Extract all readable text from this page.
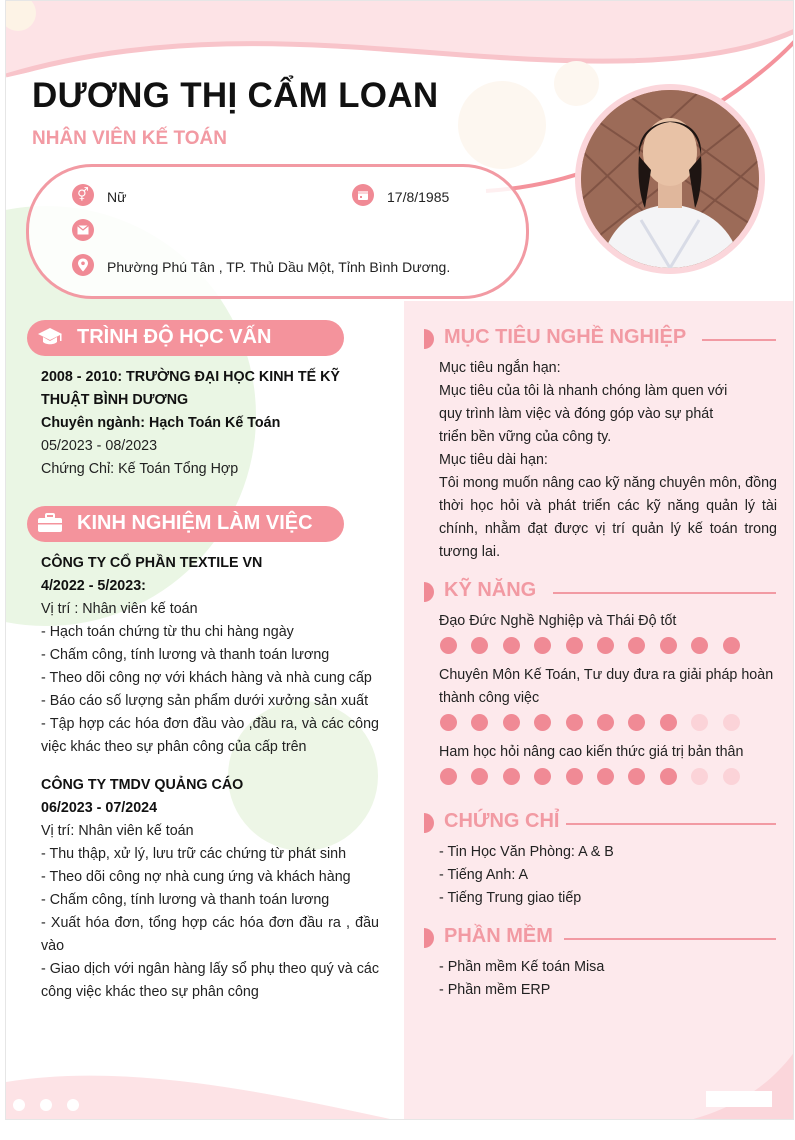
DƯƠNG THỊ CẨM LOAN
NHÂN VIÊN KẾ TOÁN
⚥	Nữ	17/8/1985
Phường Phú Tân , TP. Thủ Dầu Một, Tỉnh Bình Dương.
TRÌNH ĐỘ HỌC VẤN
2008 - 2010: TRƯỜNG ĐẠI HỌC KINH TẾ KỸ THUẬT BÌNH DƯƠNG
Chuyên ngành: Hạch Toán Kế Toán
05/2023 - 08/2023
Chứng Chỉ: Kế Toán Tổng Hợp
KINH NGHIỆM LÀM VIỆC
CÔNG TY CỔ PHẦN TEXTILE VN
4/2022 - 5/2023:
Vị trí : Nhân viên kế toán
- Hạch toán chứng từ thu chi hàng ngày
- Chấm công, tính lương và thanh toán lương
- Theo dõi công nợ với khách hàng và nhà cung cấp
- Báo cáo số lượng sản phẩm dưới xưởng sản xuất
- Tập hợp các hóa đơn đầu vào ,đầu ra, và các công việc khác theo sự phân công của cấp trên
CÔNG TY TMDV QUẢNG CÁO
06/2023 - 07/2024
Vị trí: Nhân viên kế toán
- Thu thập, xử lý, lưu trữ các chứng từ phát sinh
- Theo dõi công nợ nhà cung ứng và khách hàng
- Chấm công, tính lương và thanh toán lương
- Xuất hóa đơn, tổng hợp các hóa đơn đầu ra , đầu vào
- Giao dịch với ngân hàng lấy sổ phụ theo quý và các công việc khác theo sự phân công
MỤC TIÊU NGHỀ NGHIỆP
Mục tiêu ngắn hạn:
Mục tiêu của tôi là nhanh chóng làm quen với
quy trình làm việc và đóng góp vào sự phát
triển bền vững của công ty.
Mục tiêu dài hạn:
Tôi mong muốn nâng cao kỹ năng chuyên môn, đồng thời học hỏi và phát triển các kỹ năng quản lý tài chính, nhằm đạt được vị trí quản lý kế toán trong tương lai.
KỸ NĂNG
Đạo Đức Nghề Nghiệp và Thái Độ tốt
Chuyên Môn Kế Toán, Tư duy đưa ra giải pháp hoàn thành công việc
Ham học hỏi nâng cao kiến thức giá trị bản thân
CHỨNG CHỈ
- Tin Học Văn Phòng: A & B
- Tiếng Anh: A
- Tiếng Trung giao tiếp
PHẦN MỀM
- Phần mềm Kế toán Misa
- Phần mềm ERP
